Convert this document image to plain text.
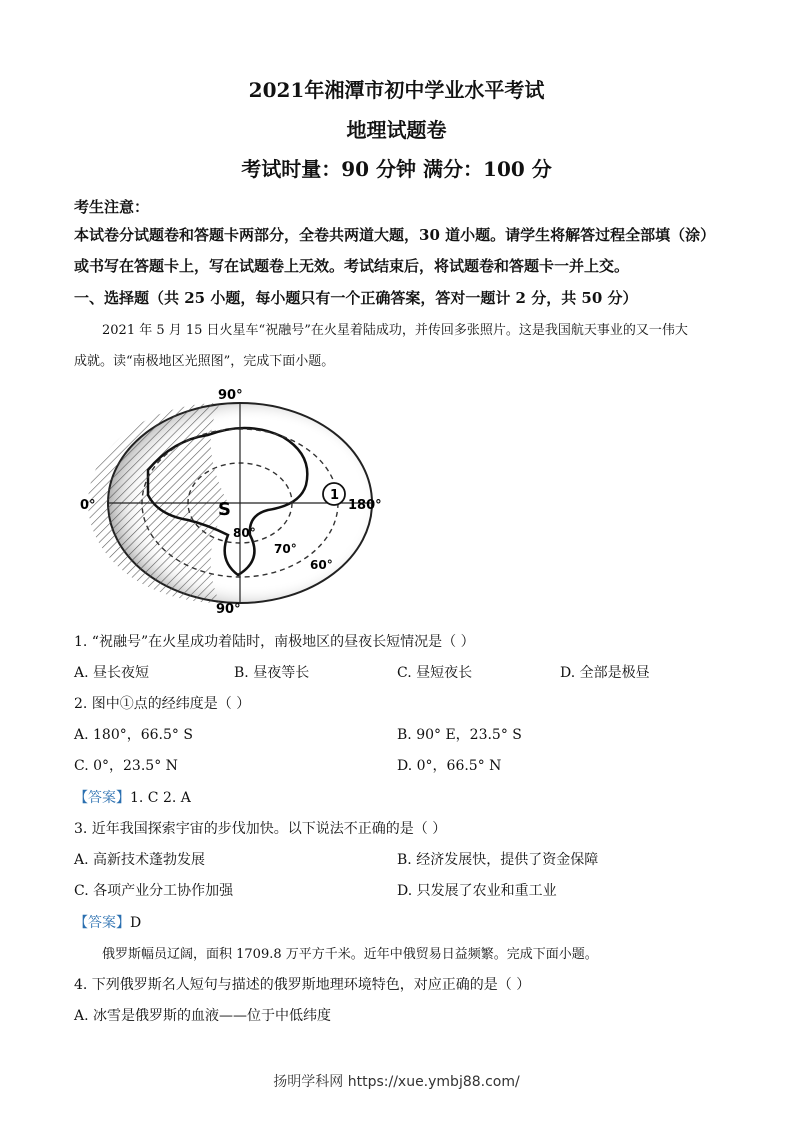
2021年湘潭市初中学业水平考试
地理试题卷
考试时量：90 分钟 满分：100 分
考生注意：
本试卷分试题卷和答题卡两部分，全卷共两道大题，30 道小题。请学生将解答过程全部填（涂）
或书写在答题卡上，写在试题卷上无效。考试结束后，将试题卷和答题卡一并上交。
一、选择题（共 25 小题，每小题只有一个正确答案，答对一题计 2 分，共 50 分）
2021 年 5 月 15 日火星车“祝融号”在火星着陆成功，并传回多张照片。这是我国航天事业的又一伟大
成就。读“南极地区光照图”，完成下面小题。
90°
90°
0°	180°
S
1
80°
70°
60°
1. “祝融号”在火星成功着陆时，南极地区的昼夜长短情况是（ ）
A. 昼长夜短	B. 昼夜等长	C. 昼短夜长	D. 全部是极昼
2. 图中①点的经纬度是（ ）
A. 180°，66.5° S	B. 90° E，23.5° S
C. 0°，23.5° N	D. 0°，66.5° N
【答案】1. C 2. A
3. 近年我国探索宇宙的步伐加快。以下说法不正确的是（ ）
A. 高新技术蓬勃发展	B. 经济发展快，提供了资金保障
C. 各项产业分工协作加强	D. 只发展了农业和重工业
【答案】D
俄罗斯幅员辽阔，面积 1709.8 万平方千米。近年中俄贸易日益频繁。完成下面小题。
4. 下列俄罗斯名人短句与描述的俄罗斯地理环境特色，对应正确的是（ ）
A. 冰雪是俄罗斯的血液——位于中低纬度
扬明学科网 https://xue.ymbj88.com/
